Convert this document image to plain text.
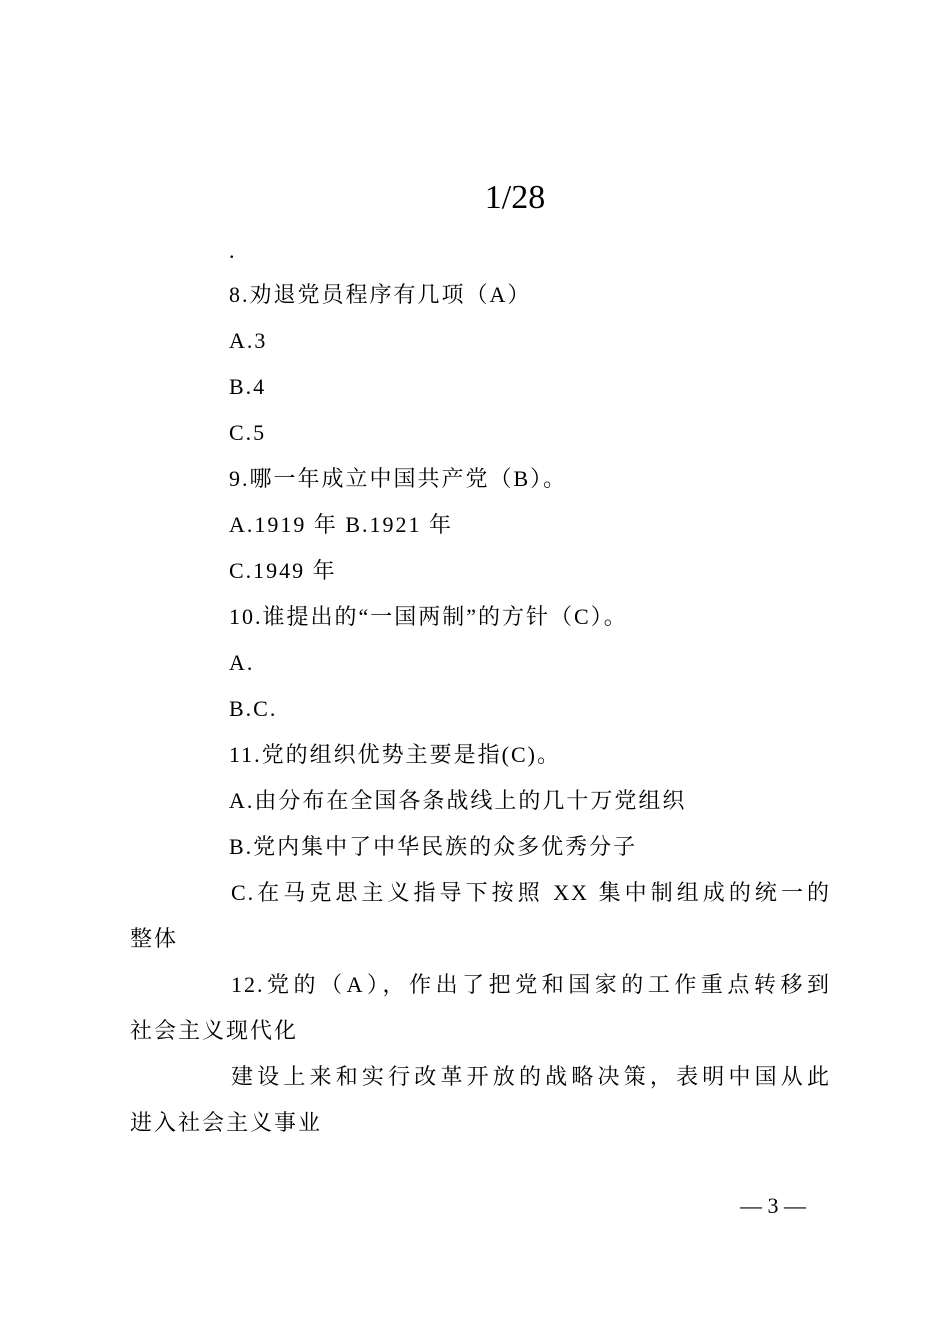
1/28
.
8.劝退党员程序有几项（A）
A.3
B.4
C.5
9.哪一年成立中国共产党（B）。
A.1919 年 B.1921 年
C.1949 年
10.谁提出的“一国两制”的方针（C）。
A.
B.C.
11.党的组织优势主要是指(C)。
A.由分布在全国各条战线上的几十万党组织
B.党内集中了中华民族的众多优秀分子
C.在马克思主义指导下按照 XX 集中制组成的统一的
整体
12.党的（A），作出了把党和国家的工作重点转移到
社会主义现代化
建设上来和实行改革开放的战略决策，表明中国从此
进入社会主义事业
— 3 —
